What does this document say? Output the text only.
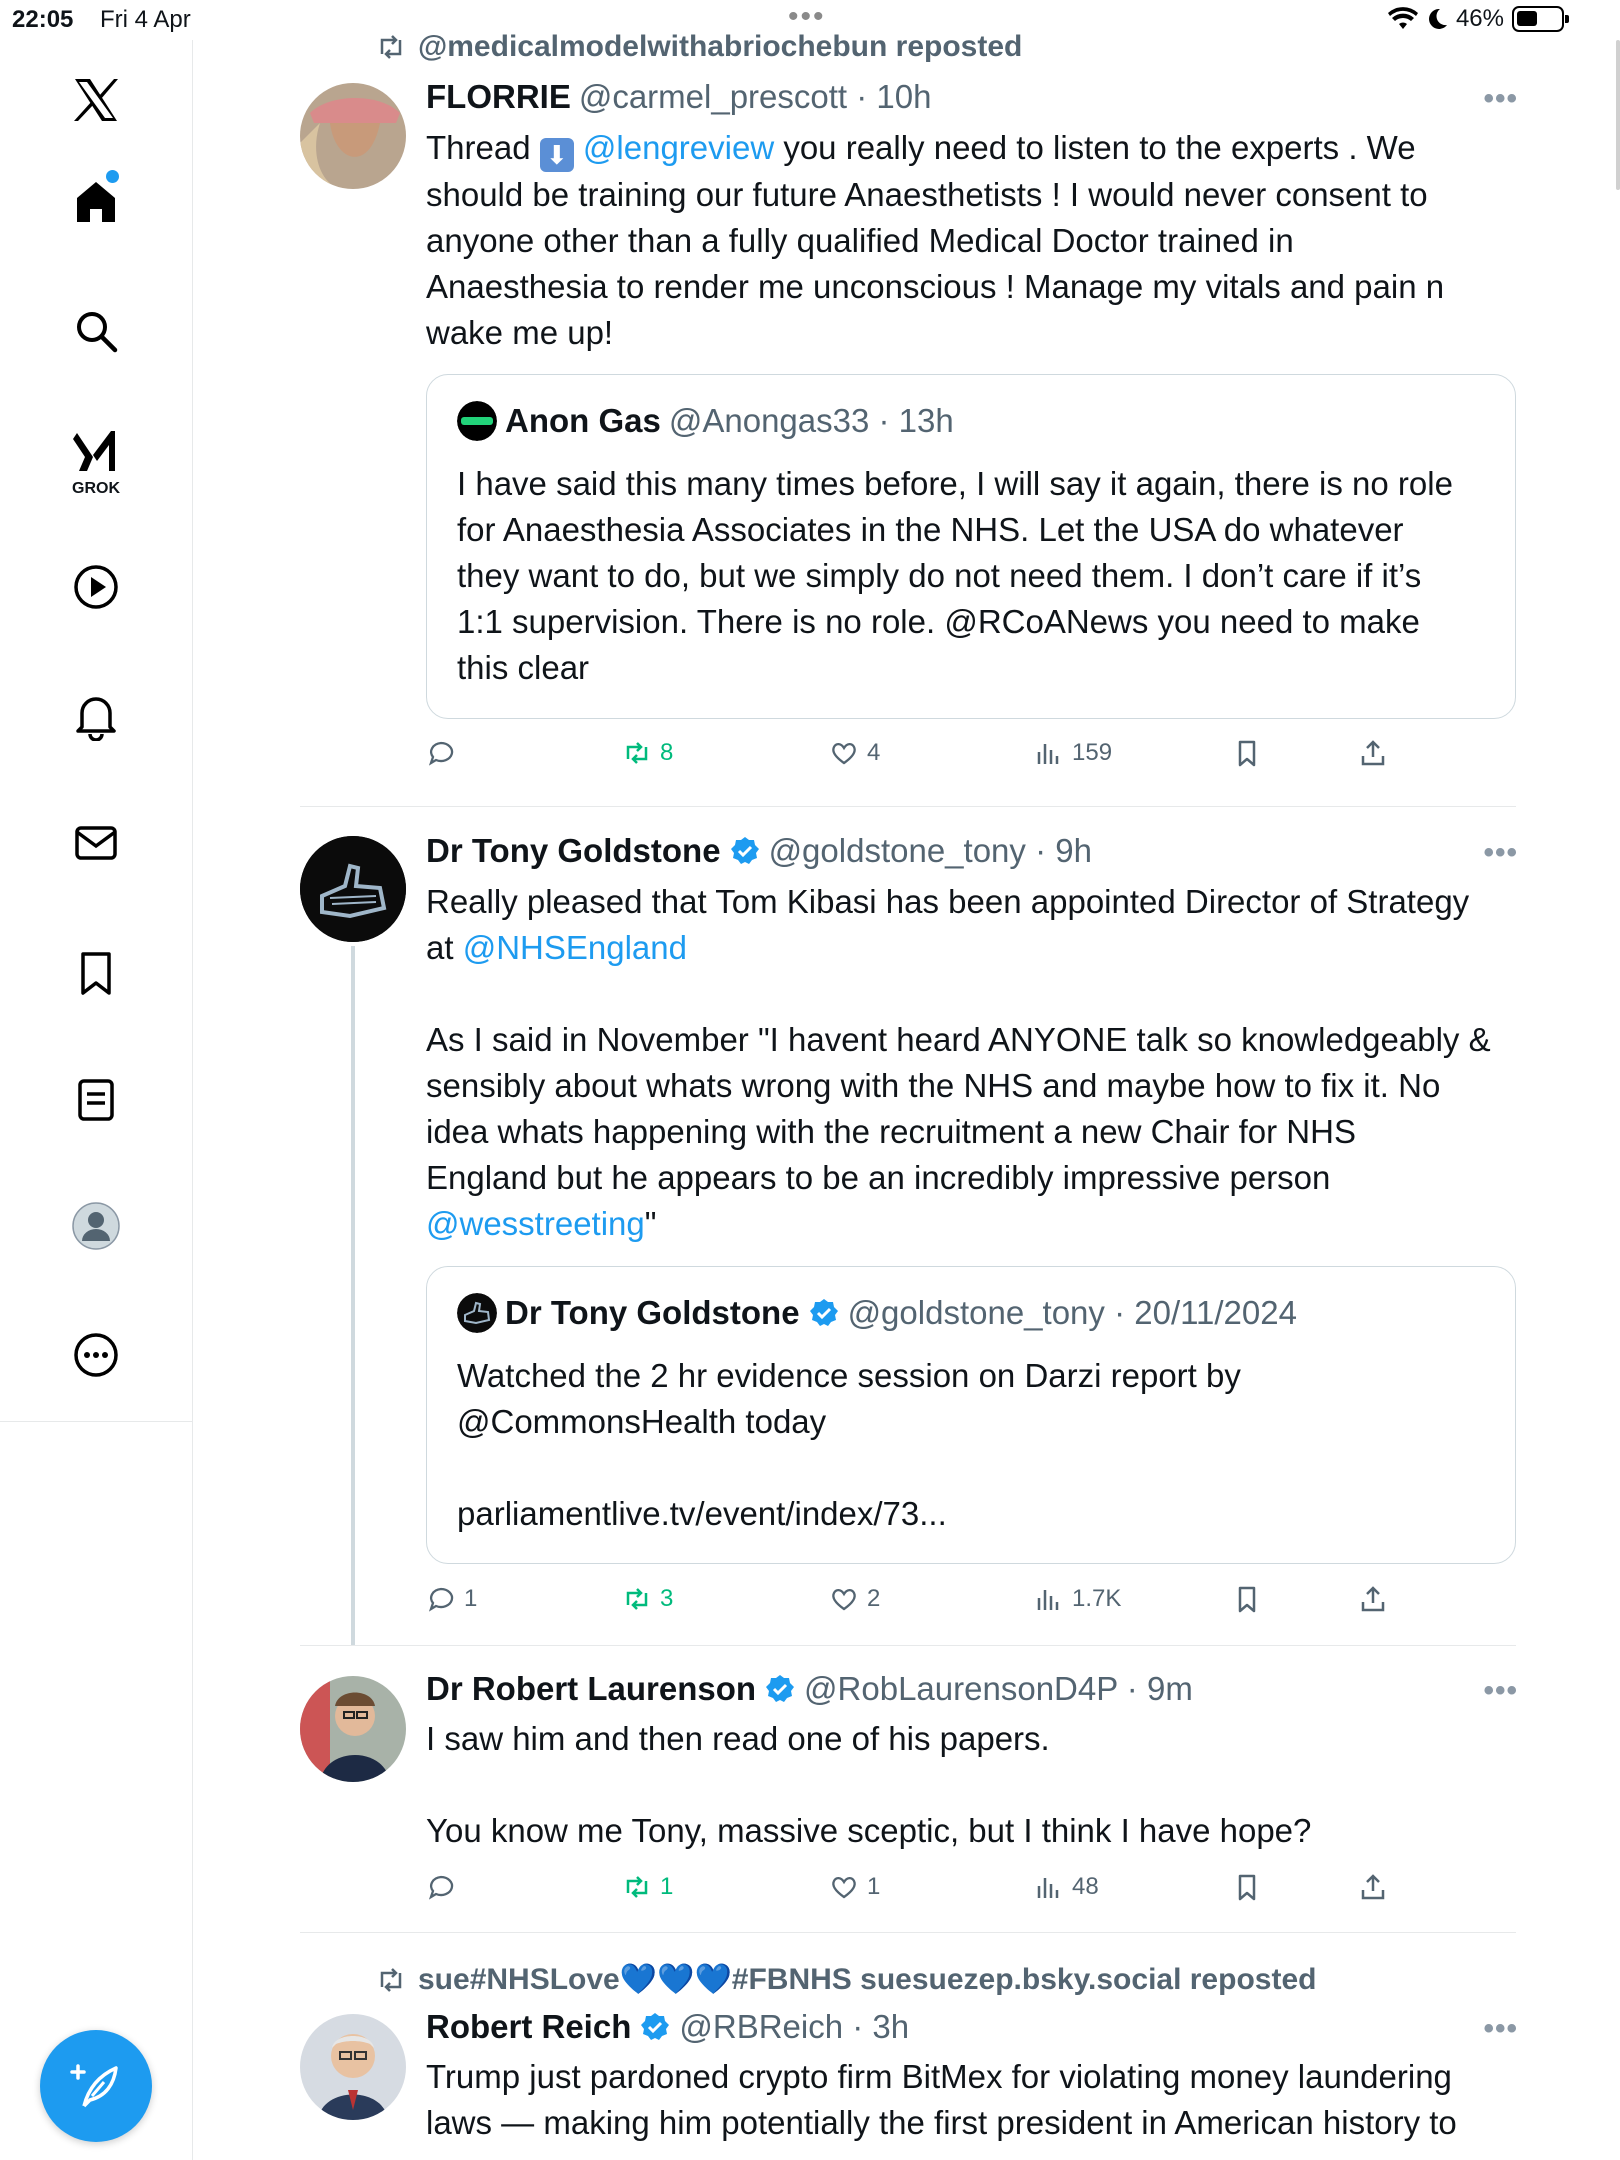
22:05 Fri 4 Apr	•••	46%
GROK
@medicalmodelwithabriochebun reposted
FLORRIE @carmel_prescott · 10h	•••
Thread ⬇ @lengreview you really need to listen to the experts . We
should be training our future Anaesthetists ! I would never consent to
anyone other than a fully qualified Medical Doctor trained in
Anaesthesia to render me unconscious ! Manage my vitals and pain n
wake me up!
Anon Gas @Anongas33 · 13h
I have said this many times before, I will say it again, there is no role
for Anaesthesia Associates in the NHS. Let the USA do whatever
they want to do, but we simply do not need them. I don’t care if it’s
1:1 supervision. There is no role. @RCoANews you need to make
this clear
8	4	159
Dr Tony Goldstone @goldstone_tony · 9h	•••
Really pleased that Tom Kibasi has been appointed Director of Strategy
at @NHSEngland
As I said in November "I havent heard ANYONE talk so knowledgeably &
sensibly about whats wrong with the NHS and maybe how to fix it. No
idea whats happening with the recruitment a new Chair for NHS
England but he appears to be an incredibly impressive person
@wesstreeting"
Dr Tony Goldstone @goldstone_tony · 20/11/2024
Watched the 2 hr evidence session on Darzi report by
@CommonsHealth today
parliamentlive.tv/event/index/73...
1	3	2	1.7K
Dr Robert Laurenson @RobLaurensonD4P · 9m	•••
I saw him and then read one of his papers.
You know me Tony, massive sceptic, but I think I have hope?
1	1	48
sue#NHSLove💙💙💙#FBNHS suesuezep.bsky.social reposted
Robert Reich @RBReich · 3h	•••
Trump just pardoned crypto firm BitMex for violating money laundering
laws — making him potentially the first president in American history to
